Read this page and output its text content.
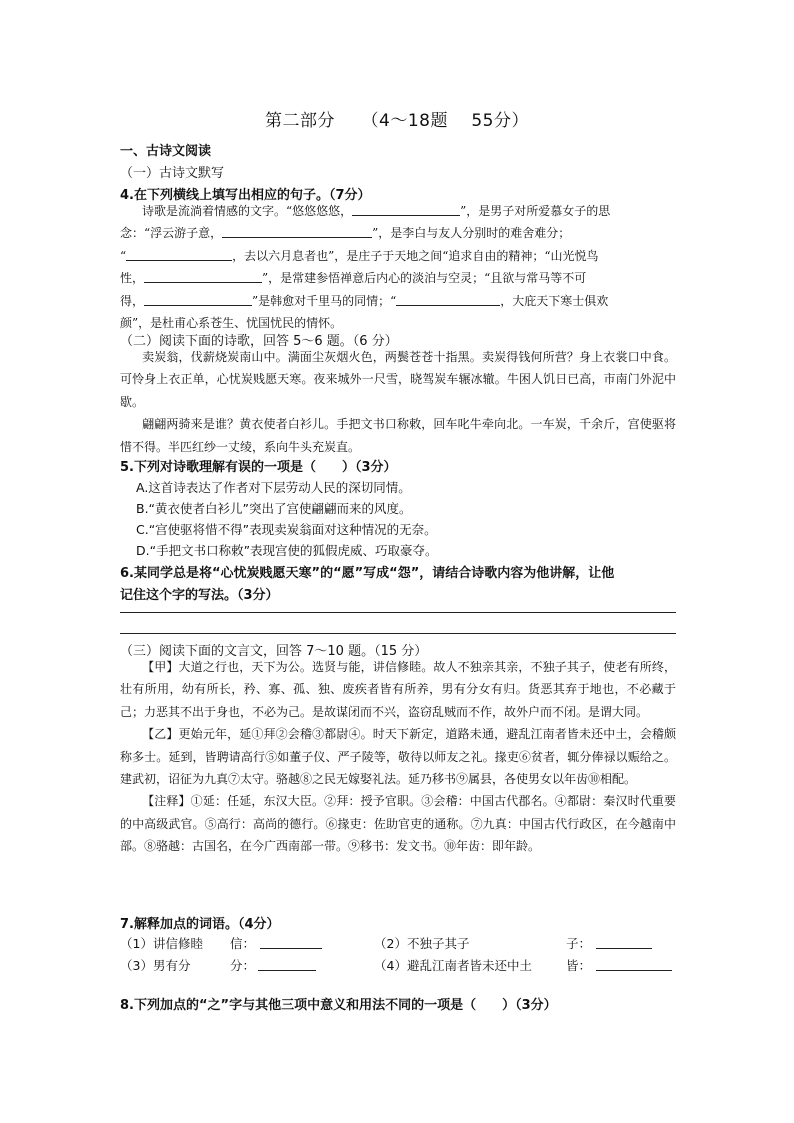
第二部分　　（4～18题　 55分）
一、古诗文阅读
（一）古诗文默写
4.在下列横线上填写出相应的句子。（7分）
诗歌是流淌着情感的文字。“悠悠悠悠，	”，是男子对所爱慕女子的思
念：“浮云游子意，	”，是李白与友人分别时的难舍难分；
“	，去以六月息者也”，是庄子于天地之间“追求自由的精神；“山光悦鸟
性，	”，是常建参悟禅意后内心的淡泊与空灵；“且欲与常马等不可
得，	”是韩愈对千里马的同情；“	，大庇天下寒士俱欢
颜”，是杜甫心系苍生、忧国忧民的情怀。
（二）阅读下面的诗歌，回答 5～6 题。（6 分）
卖炭翁，伐薪烧炭南山中。满面尘灰烟火色，两鬓苍苍十指黑。卖炭得钱何所营？身上衣裳口中食。可怜身上衣正单，心忧炭贱愿天寒。夜来城外一尺雪，晓驾炭车辗冰辙。牛困人饥日已高，市南门外泥中歇。
翩翩两骑来是谁？黄衣使者白衫儿。手把文书口称敕，回车叱牛牵向北。一车炭，千余斤，宫使驱将惜不得。半匹红纱一丈绫，系向牛头充炭直。
5.下列对诗歌理解有误的一项是（　　）（3分）
A.这首诗表达了作者对下层劳动人民的深切同情。
B.“黄衣使者白衫儿”突出了宫使翩翩而来的风度。
C.“宫使驱将惜不得”表现卖炭翁面对这种情况的无奈。
D.“手把文书口称敕”表现宫使的狐假虎威、巧取豪夺。
6.某同学总是将“心忧炭贱愿天寒”的“愿”写成“怨”，请结合诗歌内容为他讲解，让他
记住这个字的写法。（3分）
（三）阅读下面的文言文，回答 7～10 题。（15 分）
【甲】大道之行也，天下为公。选贤与能，讲信修睦。故人不独亲其亲，不独子其子，使老有所终，壮有所用，幼有所长，矜、寡、孤、独、废疾者皆有所养，男有分女有归。货恶其弃于地也，不必藏于己；力恶其不出于身也，不必为己。是故谋闭而不兴，盗窃乱贼而不作，故外户而不闭。是谓大同。
【乙】更始元年，延①拜②会稽③都尉④。时天下新定，道路未通，避乱江南者皆未还中土，会稽颇称多士。延到，皆聘请高行⑤如董子仪、严子陵等，敬待以师友之礼。掾吏⑥贫者，辄分俸禄以赈给之。建武初，诏征为九真⑦太守。骆越⑧之民无嫁娶礼法。延乃移书⑨属县，各使男女以年齿⑩相配。
【注释】①延：任延，东汉大臣。②拜：授予官职。③会稽：中国古代郡名。④都尉：秦汉时代重要的中高级武官。⑤高行：高尚的德行。⑥掾吏：佐助官吏的通称。⑦九真：中国古代行政区，在今越南中部。⑧骆越：古国名，在今广西南部一带。⑨移书：发文书。⑩年齿：即年龄。
7.解释加点的词语。（4分）
（1）讲信修睦 信：	（2）不独子其子	子：
（3）男有分	分：	（4）避乱江南者皆未还中土	皆：
8.下列加点的“之”字与其他三项中意义和用法不同的一项是（　　）（3分）
